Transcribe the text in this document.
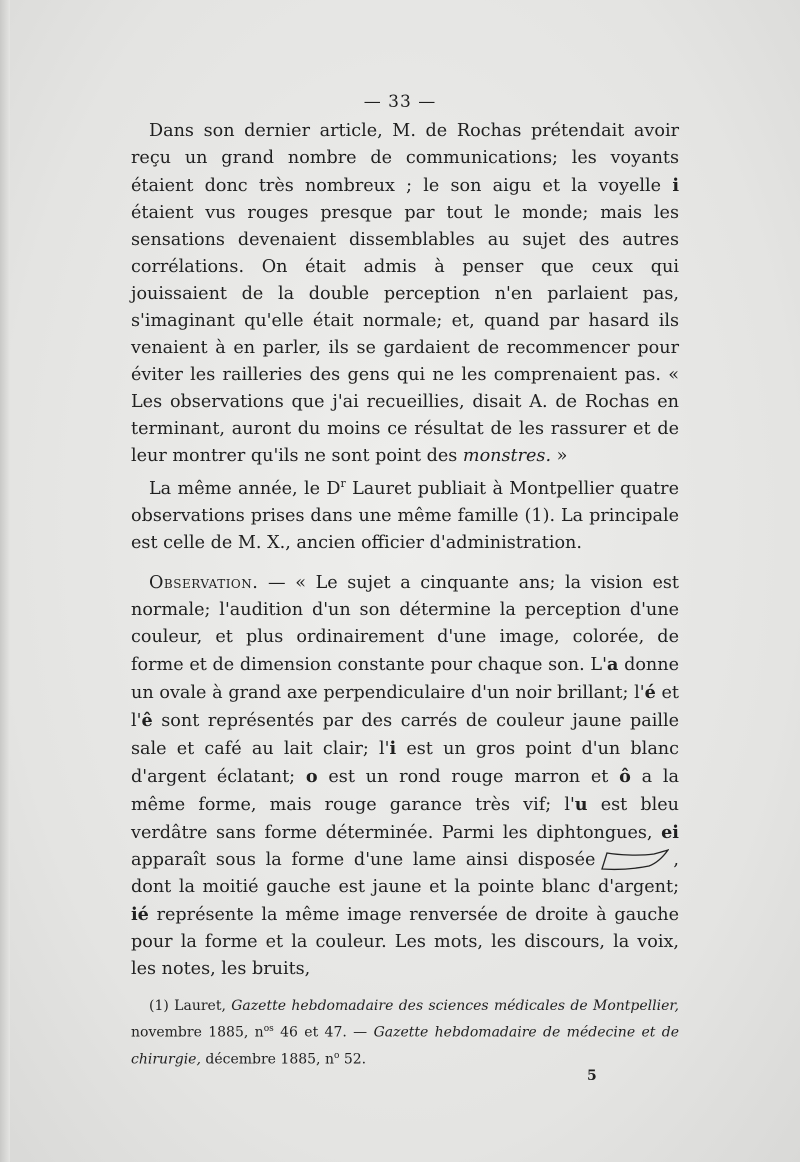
— 33 —

Dans son dernier article, M. de Rochas prétendait avoir reçu un grand nombre de communications; les voyants étaient donc très nombreux ; le son aigu et la voyelle i étaient vus rouges presque par tout le monde; mais les sensations devenaient dissemblables au sujet des autres corrélations. On était admis à penser que ceux qui jouissaient de la double perception n'en parlaient pas, s'imaginant qu'elle était normale; et, quand par hasard ils venaient à en parler, ils se gardaient de recommencer pour éviter les railleries des gens qui ne les comprenaient pas. « Les observations que j'ai recueillies, disait A. de Rochas en terminant, auront du moins ce résultat de les rassurer et de leur montrer qu'ils ne sont point des monstres. »

La même année, le $D^r$ Lauret publiait à Montpellier quatre observations prises dans une même famille (1). La principale est celle de M. X., ancien officier d'administration.

Observation. — « Le sujet a cinquante ans; la vision est normale; l'audition d'un son détermine la perception d'une couleur, et plus ordinairement d'une image, colorée, de forme et de dimension constante pour chaque son. L'a donne un ovale à grand axe perpendiculaire d'un noir brillant; l'é et l'ê sont représentés par des carrés de couleur jaune paille sale et café au lait clair; l'i est un gros point d'un blanc d'argent éclatant; o est un rond rouge marron et ô a la même forme, mais rouge garance très vif; l'u est bleu verdâtre sans forme déterminée. Parmi les diphtongues, ei apparaît sous la forme d'une lame ainsi disposée	, dont la moitié gauche est jaune et la pointe blanc d'argent; ié représente la même image renversée de droite à gauche pour la forme et la couleur. Les mots, les discours, la voix, les notes, les bruits,

(1) Lauret, Gazette hebdomadaire des sciences médicales de Montpellier, novembre 1885, $n^{os}$ 46 et 47. — Gazette hebdomadaire de médecine et de chirurgie, décembre 1885, $n^o$ 52.
5
